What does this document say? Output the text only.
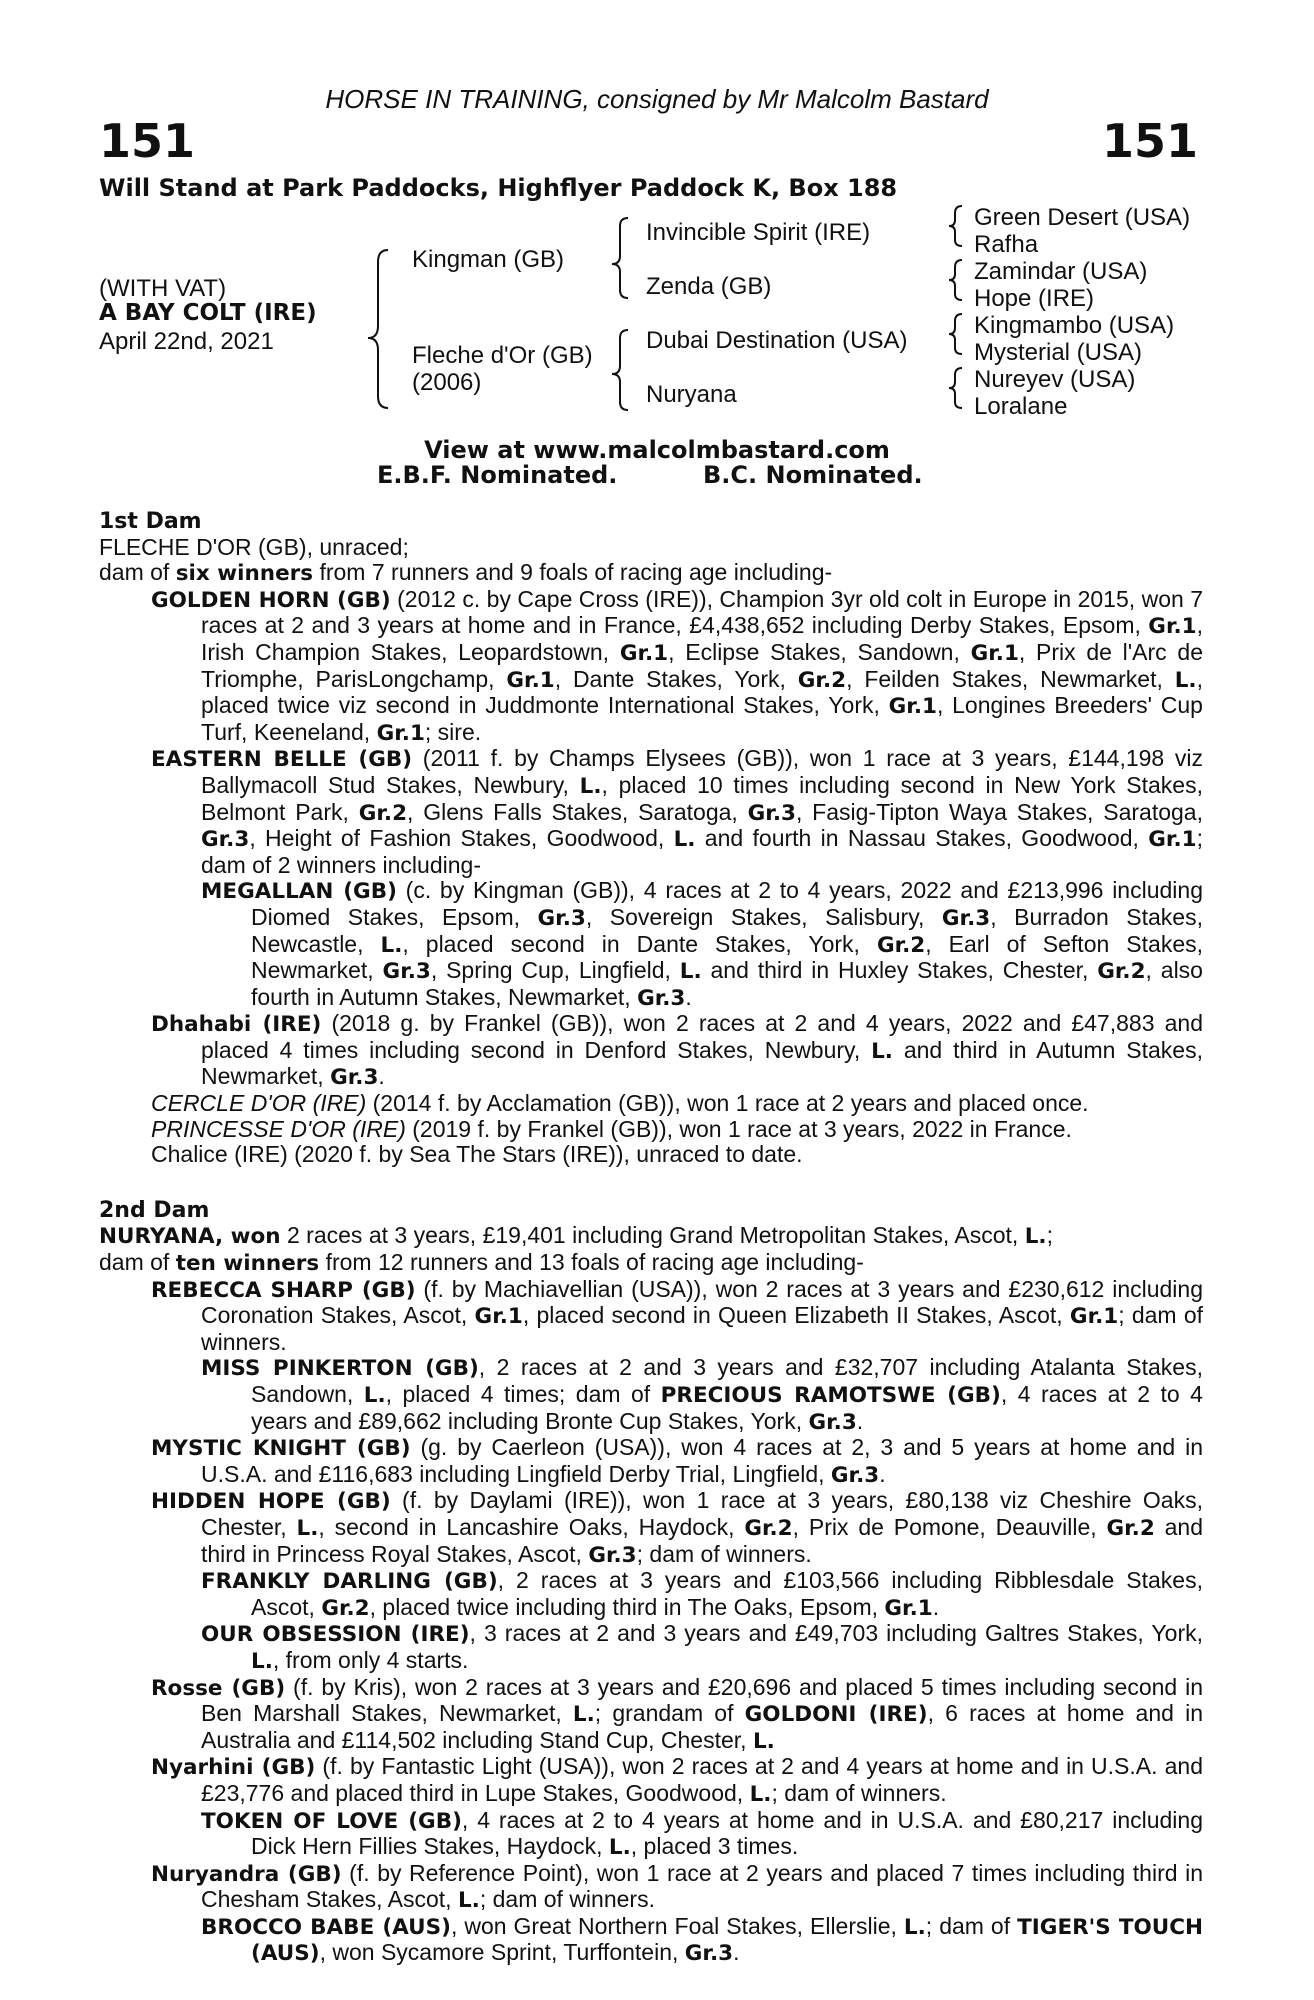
HORSE IN TRAINING, consigned by Mr Malcolm Bastard
151	151
Will Stand at Park Paddocks, Highflyer Paddock K, Box 188
(WITH VAT)
A BAY COLT (IRE)
April 22nd, 2021
Kingman (GB)
Fleche d'Or (GB)
(2006)
Invincible Spirit (IRE)
Zenda (GB)
Dubai Destination (USA)
Nuryana
Green Desert (USA)
Rafha
Zamindar (USA)
Hope (IRE)
Kingmambo (USA)
Mysterial (USA)
Nureyev (USA)
Loralane
View at www.malcolmbastard.com
E.B.F. Nominated.	B.C. Nominated.
1st Dam
FLECHE D'OR (GB), unraced;
dam of six winners from 7 runners and 9 foals of racing age including-
GOLDEN HORN (GB) (2012 c. by Cape Cross (IRE)), Champion 3yr old colt in Europe in 2015, won 7 races at 2 and 3 years at home and in France, £4,438,652 including Derby Stakes, Epsom, Gr.1, Irish Champion Stakes, Leopardstown, Gr.1, Eclipse Stakes, Sandown, Gr.1, Prix de l'Arc de Triomphe, ParisLongchamp, Gr.1, Dante Stakes, York, Gr.2, Feilden Stakes, Newmarket, L., placed twice viz second in Juddmonte International Stakes, York, Gr.1, Longines Breeders' Cup Turf, Keeneland, Gr.1; sire.
EASTERN BELLE (GB) (2011 f. by Champs Elysees (GB)), won 1 race at 3 years, £144,198 viz Ballymacoll Stud Stakes, Newbury, L., placed 10 times including second in New York Stakes, Belmont Park, Gr.2, Glens Falls Stakes, Saratoga, Gr.3, Fasig-Tipton Waya Stakes, Saratoga, Gr.3, Height of Fashion Stakes, Goodwood, L. and fourth in Nassau Stakes, Goodwood, Gr.1; dam of 2 winners including-
MEGALLAN (GB) (c. by Kingman (GB)), 4 races at 2 to 4 years, 2022 and £213,996 including Diomed Stakes, Epsom, Gr.3, Sovereign Stakes, Salisbury, Gr.3, Burradon Stakes, Newcastle, L., placed second in Dante Stakes, York, Gr.2, Earl of Sefton Stakes, Newmarket, Gr.3, Spring Cup, Lingfield, L. and third in Huxley Stakes, Chester, Gr.2, also fourth in Autumn Stakes, Newmarket, Gr.3.
Dhahabi (IRE) (2018 g. by Frankel (GB)), won 2 races at 2 and 4 years, 2022 and £47,883 and placed 4 times including second in Denford Stakes, Newbury, L. and third in Autumn Stakes, Newmarket, Gr.3.
CERCLE D'OR (IRE) (2014 f. by Acclamation (GB)), won 1 race at 2 years and placed once.
PRINCESSE D'OR (IRE) (2019 f. by Frankel (GB)), won 1 race at 3 years, 2022 in France.
Chalice (IRE) (2020 f. by Sea The Stars (IRE)), unraced to date.
2nd Dam
NURYANA, won 2 races at 3 years, £19,401 including Grand Metropolitan Stakes, Ascot, L.;
dam of ten winners from 12 runners and 13 foals of racing age including-
REBECCA SHARP (GB) (f. by Machiavellian (USA)), won 2 races at 3 years and £230,612 including Coronation Stakes, Ascot, Gr.1, placed second in Queen Elizabeth II Stakes, Ascot, Gr.1; dam of winners.
MISS PINKERTON (GB), 2 races at 2 and 3 years and £32,707 including Atalanta Stakes, Sandown, L., placed 4 times; dam of PRECIOUS RAMOTSWE (GB), 4 races at 2 to 4 years and £89,662 including Bronte Cup Stakes, York, Gr.3.
MYSTIC KNIGHT (GB) (g. by Caerleon (USA)), won 4 races at 2, 3 and 5 years at home and in U.S.A. and £116,683 including Lingfield Derby Trial, Lingfield, Gr.3.
HIDDEN HOPE (GB) (f. by Daylami (IRE)), won 1 race at 3 years, £80,138 viz Cheshire Oaks, Chester, L., second in Lancashire Oaks, Haydock, Gr.2, Prix de Pomone, Deauville, Gr.2 and third in Princess Royal Stakes, Ascot, Gr.3; dam of winners.
FRANKLY DARLING (GB), 2 races at 3 years and £103,566 including Ribblesdale Stakes, Ascot, Gr.2, placed twice including third in The Oaks, Epsom, Gr.1.
OUR OBSESSION (IRE), 3 races at 2 and 3 years and £49,703 including Galtres Stakes, York, L., from only 4 starts.
Rosse (GB) (f. by Kris), won 2 races at 3 years and £20,696 and placed 5 times including second in Ben Marshall Stakes, Newmarket, L.; grandam of GOLDONI (IRE), 6 races at home and in Australia and £114,502 including Stand Cup, Chester, L.
Nyarhini (GB) (f. by Fantastic Light (USA)), won 2 races at 2 and 4 years at home and in U.S.A. and £23,776 and placed third in Lupe Stakes, Goodwood, L.; dam of winners.
TOKEN OF LOVE (GB), 4 races at 2 to 4 years at home and in U.S.A. and £80,217 including Dick Hern Fillies Stakes, Haydock, L., placed 3 times.
Nuryandra (GB) (f. by Reference Point), won 1 race at 2 years and placed 7 times including third in Chesham Stakes, Ascot, L.; dam of winners.
BROCCO BABE (AUS), won Great Northern Foal Stakes, Ellerslie, L.; dam of TIGER'S TOUCH (AUS), won Sycamore Sprint, Turffontein, Gr.3.
